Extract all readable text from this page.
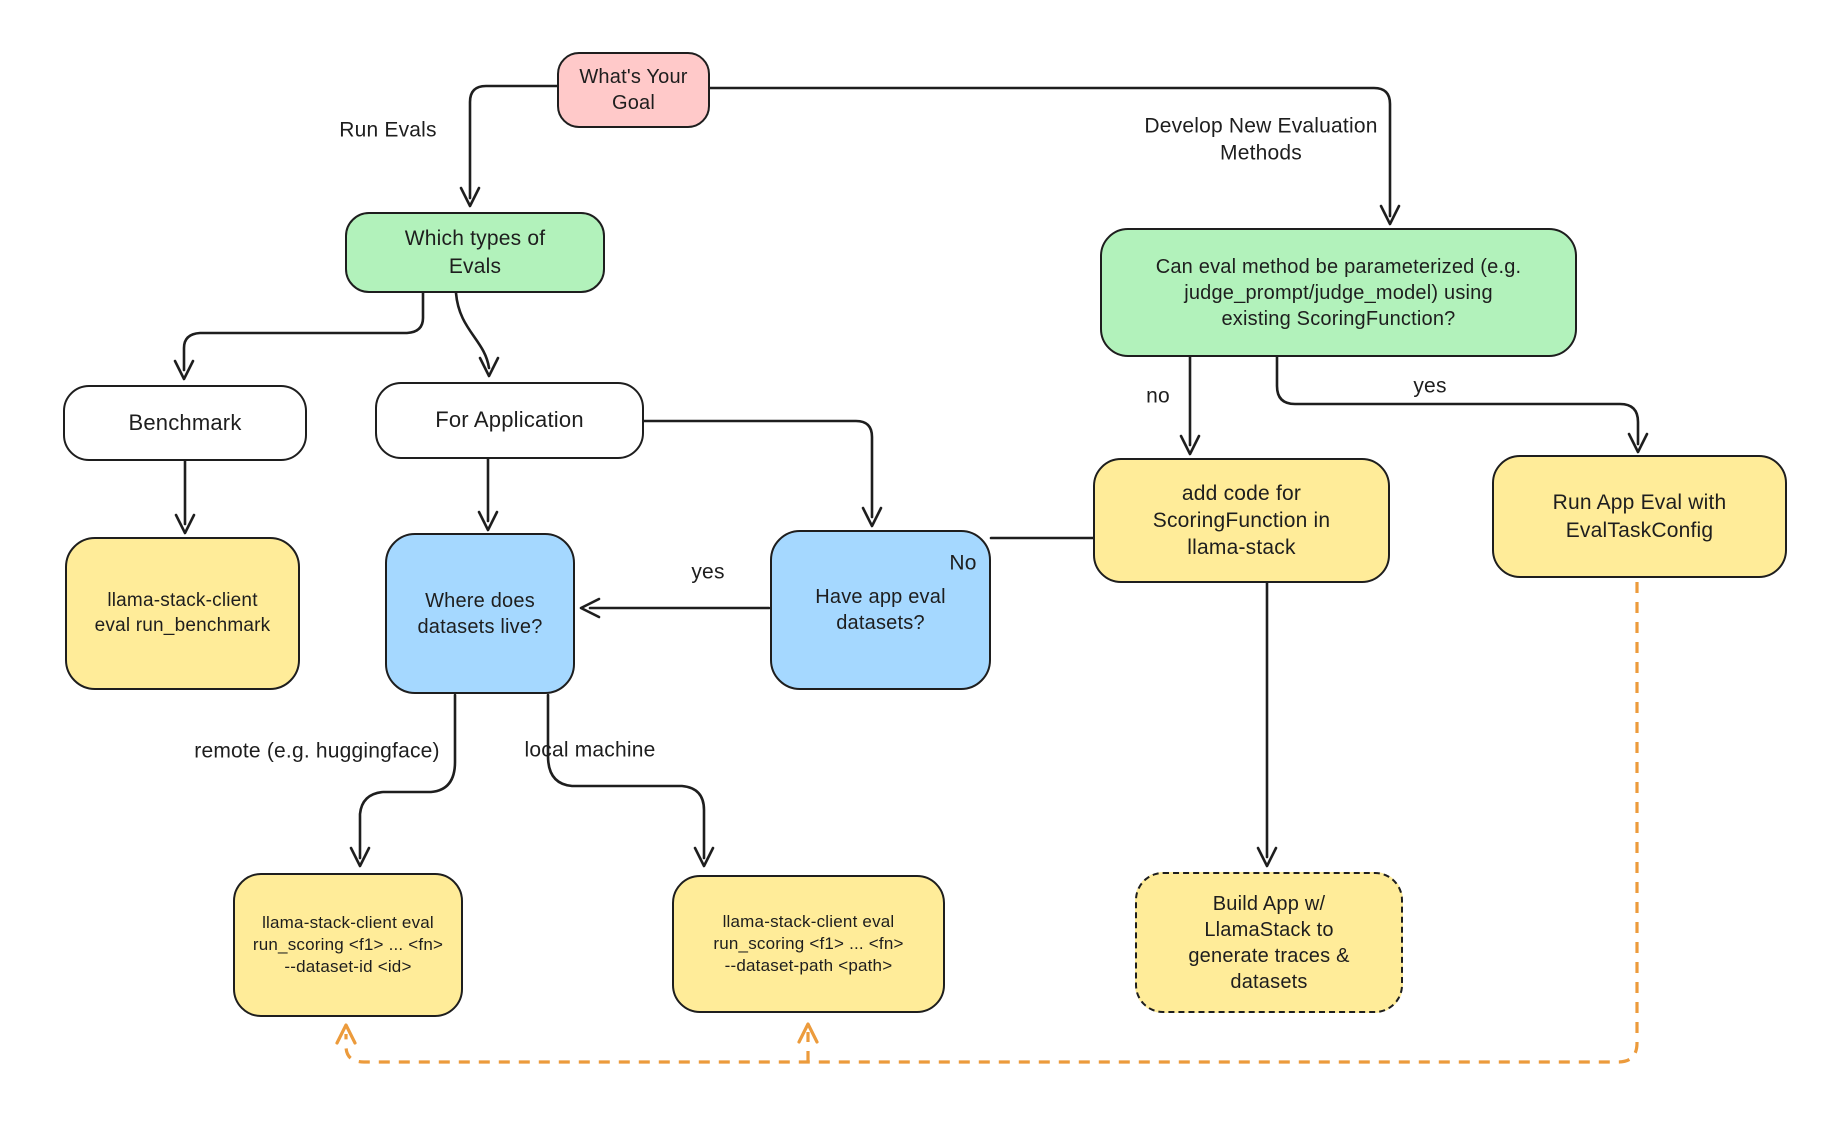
What's Your
Goal
Which types of
Evals	Can eval method be parameterized (e.g.
judge_prompt/judge_model) using
existing ScoringFunction?
Benchmark	For Application
add code for
ScoringFunction in
llama-stack
Run App Eval with
EvalTaskConfig
llama-stack-client
eval run_benchmark
Where does
datasets live?
Have app eval
datasets?
llama-stack-client eval
run_scoring <f1> ... <fn>
--dataset-id <id>
llama-stack-client eval
run_scoring <f1> ... <fn>
--dataset-path <path>
Build App w/
LlamaStack to
generate traces &
datasets
Run Evals	Develop New Evaluation
Methods
no	yes
yes	No
remote (e.g. huggingface)	local machine
